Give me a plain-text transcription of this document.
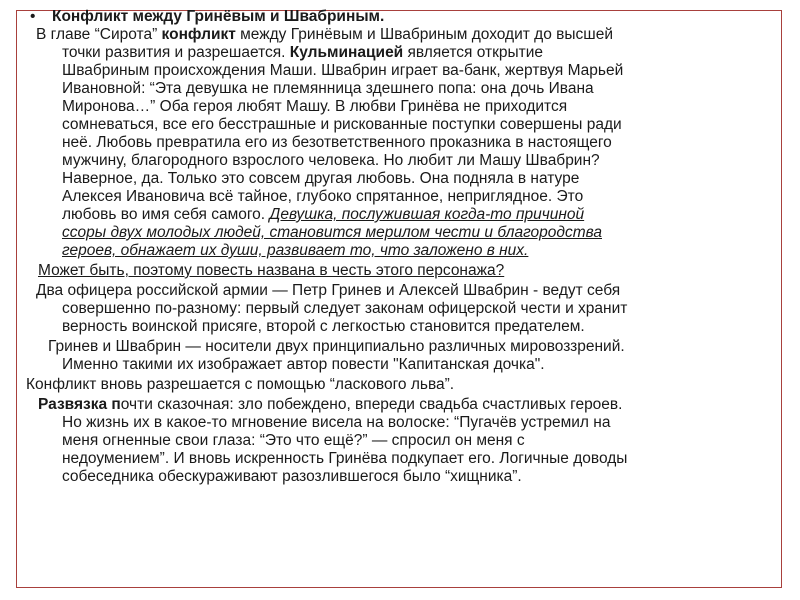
•	Конфликт между Гринёвым и Швабриным.
В главе “Сирота” конфликт между Гринёвым и Швабриным доходит до высшей
точки развития и разрешается. Кульминацией является открытие
Швабриным происхождения Маши. Швабрин играет ва-банк, жертвуя Марьей
Ивановной: “Эта девушка не племянница здешнего попа: она дочь Ивана
Миронова…” Оба героя любят Машу. В любви Гринёва не приходится
сомневаться, все его бесстрашные и рискованные поступки совершены ради
неё. Любовь превратила его из безответственного проказника в настоящего
мужчину, благородного взрослого человека. Но любит ли Машу Швабрин?
Наверное, да. Только это совсем другая любовь. Она подняла в натуре
Алексея Ивановича всё тайное, глубоко спрятанное, неприглядное. Это
любовь во имя себя самого. Девушка, послужившая когда-то причиной
ссоры двух молодых людей, становится мерилом чести и благородства
героев, обнажает их души, развивает то, что заложено в них.
Может быть, поэтому повесть названа в честь этого персонажа?
Два офицера российской армии — Петр Гринев и Алексей Швабрин - ведут себя
совершенно по-разному: первый следует законам офицерской чести и хранит
верность воинской присяге, второй с легкостью становится предателем.
Гринев и Швабрин — носители двух принципиально различных мировоззрений.
Именно такими их изображает автор повести "Капитанская дочка".
Конфликт вновь разрешается с помощью “ласкового льва”.
Развязка почти сказочная: зло побеждено, впереди свадьба счастливых героев.
Но жизнь их в какое-то мгновение висела на волоске: “Пугачёв устремил на
меня огненные свои глаза: “Это что ещё?” — спросил он меня с
недоумением”. И вновь искренность Гринёва подкупает его. Логичные доводы
собеседника обескураживают разозлившегося было “хищника”.
